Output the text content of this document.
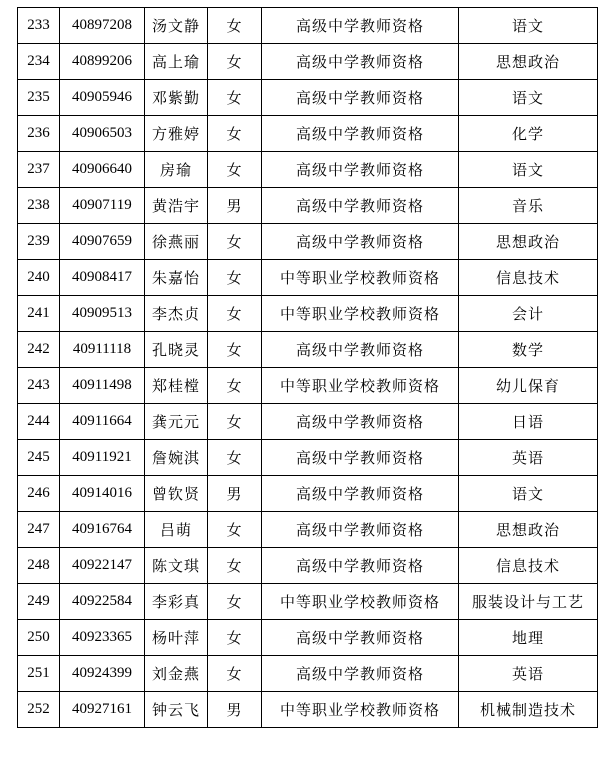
233	40897208	汤文静	女	高级中学教师资格	语文
234	40899206	高上瑜	女	高级中学教师资格	思想政治
235	40905946	邓紫勤	女	高级中学教师资格	语文
236	40906503	方雅婷	女	高级中学教师资格	化学
237	40906640	房瑜	女	高级中学教师资格	语文
238	40907119	黄浩宇	男	高级中学教师资格	音乐
239	40907659	徐燕丽	女	高级中学教师资格	思想政治
240	40908417	朱嘉怡	女	中等职业学校教师资格	信息技术
241	40909513	李杰贞	女	中等职业学校教师资格	会计
242	40911118	孔晓灵	女	高级中学教师资格	数学
243	40911498	郑桂樘	女	中等职业学校教师资格	幼儿保育
244	40911664	龚元元	女	高级中学教师资格	日语
245	40911921	詹婉淇	女	高级中学教师资格	英语
246	40914016	曾钦贤	男	高级中学教师资格	语文
247	40916764	吕萌	女	高级中学教师资格	思想政治
248	40922147	陈文琪	女	高级中学教师资格	信息技术
249	40922584	李彩真	女	中等职业学校教师资格	服装设计与工艺
250	40923365	杨叶萍	女	高级中学教师资格	地理
251	40924399	刘金燕	女	高级中学教师资格	英语
252	40927161	钟云飞	男	中等职业学校教师资格	机械制造技术
